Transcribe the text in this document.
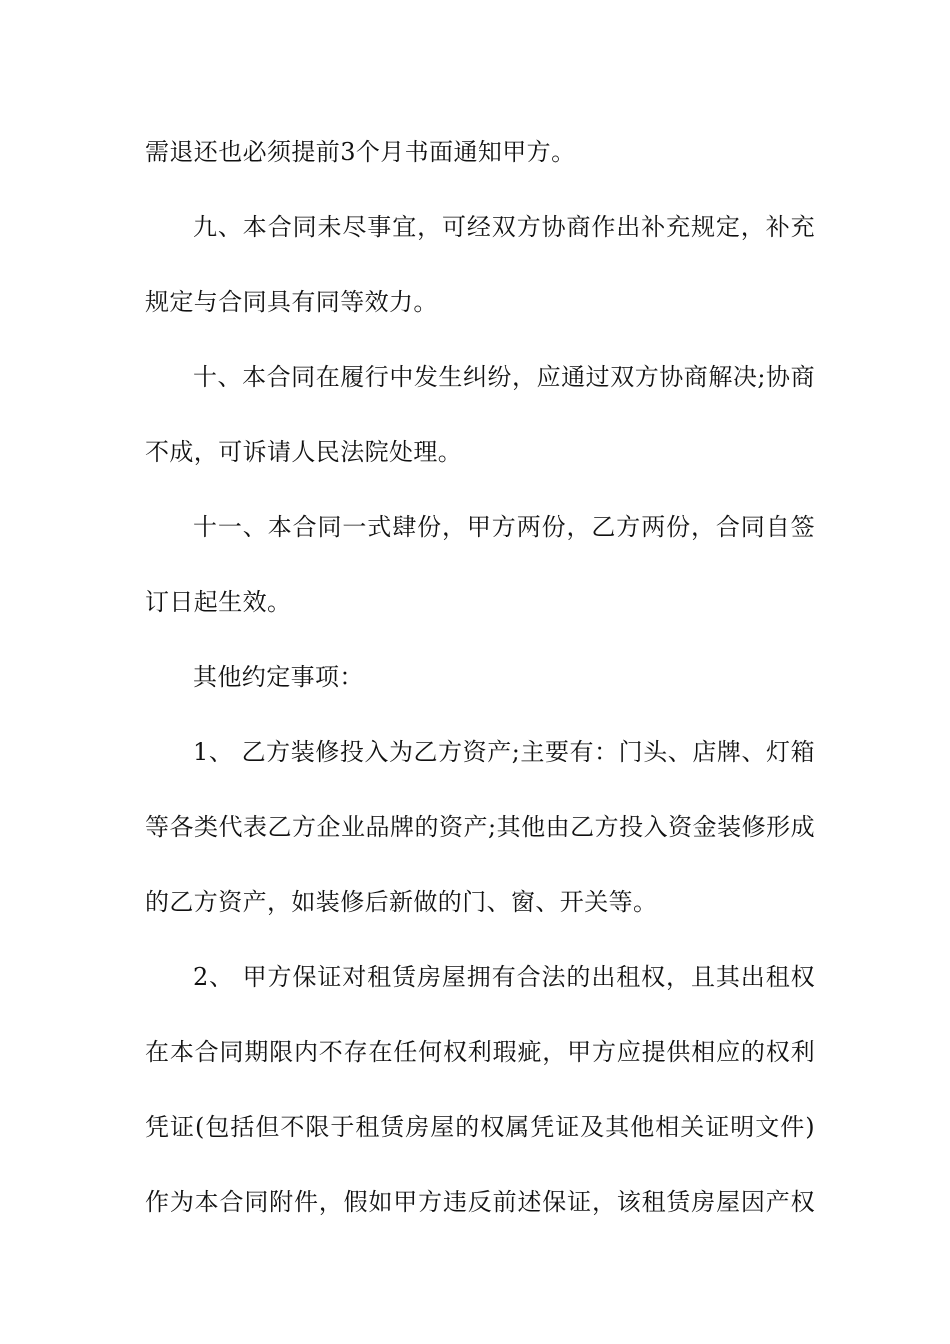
需退还也必须提前3个月书面通知甲方。
九、本合同未尽事宜，可经双方协商作出补充规定，补充
规定与合同具有同等效力。
十、本合同在履行中发生纠纷，应通过双方协商解决;协商
不成，可诉请人民法院处理。
十一、本合同一式肆份，甲方两份，乙方两份，合同自签
订日起生效。
其他约定事项：
1、 乙方装修投入为乙方资产;主要有：门头、店牌、灯箱
等各类代表乙方企业品牌的资产;其他由乙方投入资金装修形成
的乙方资产，如装修后新做的门、窗、开关等。
2、 甲方保证对租赁房屋拥有合法的出租权，且其出租权
在本合同期限内不存在任何权利瑕疵，甲方应提供相应的权利
凭证(包括但不限于租赁房屋的权属凭证及其他相关证明文件)
作为本合同附件，假如甲方违反前述保证，该租赁房屋因产权
